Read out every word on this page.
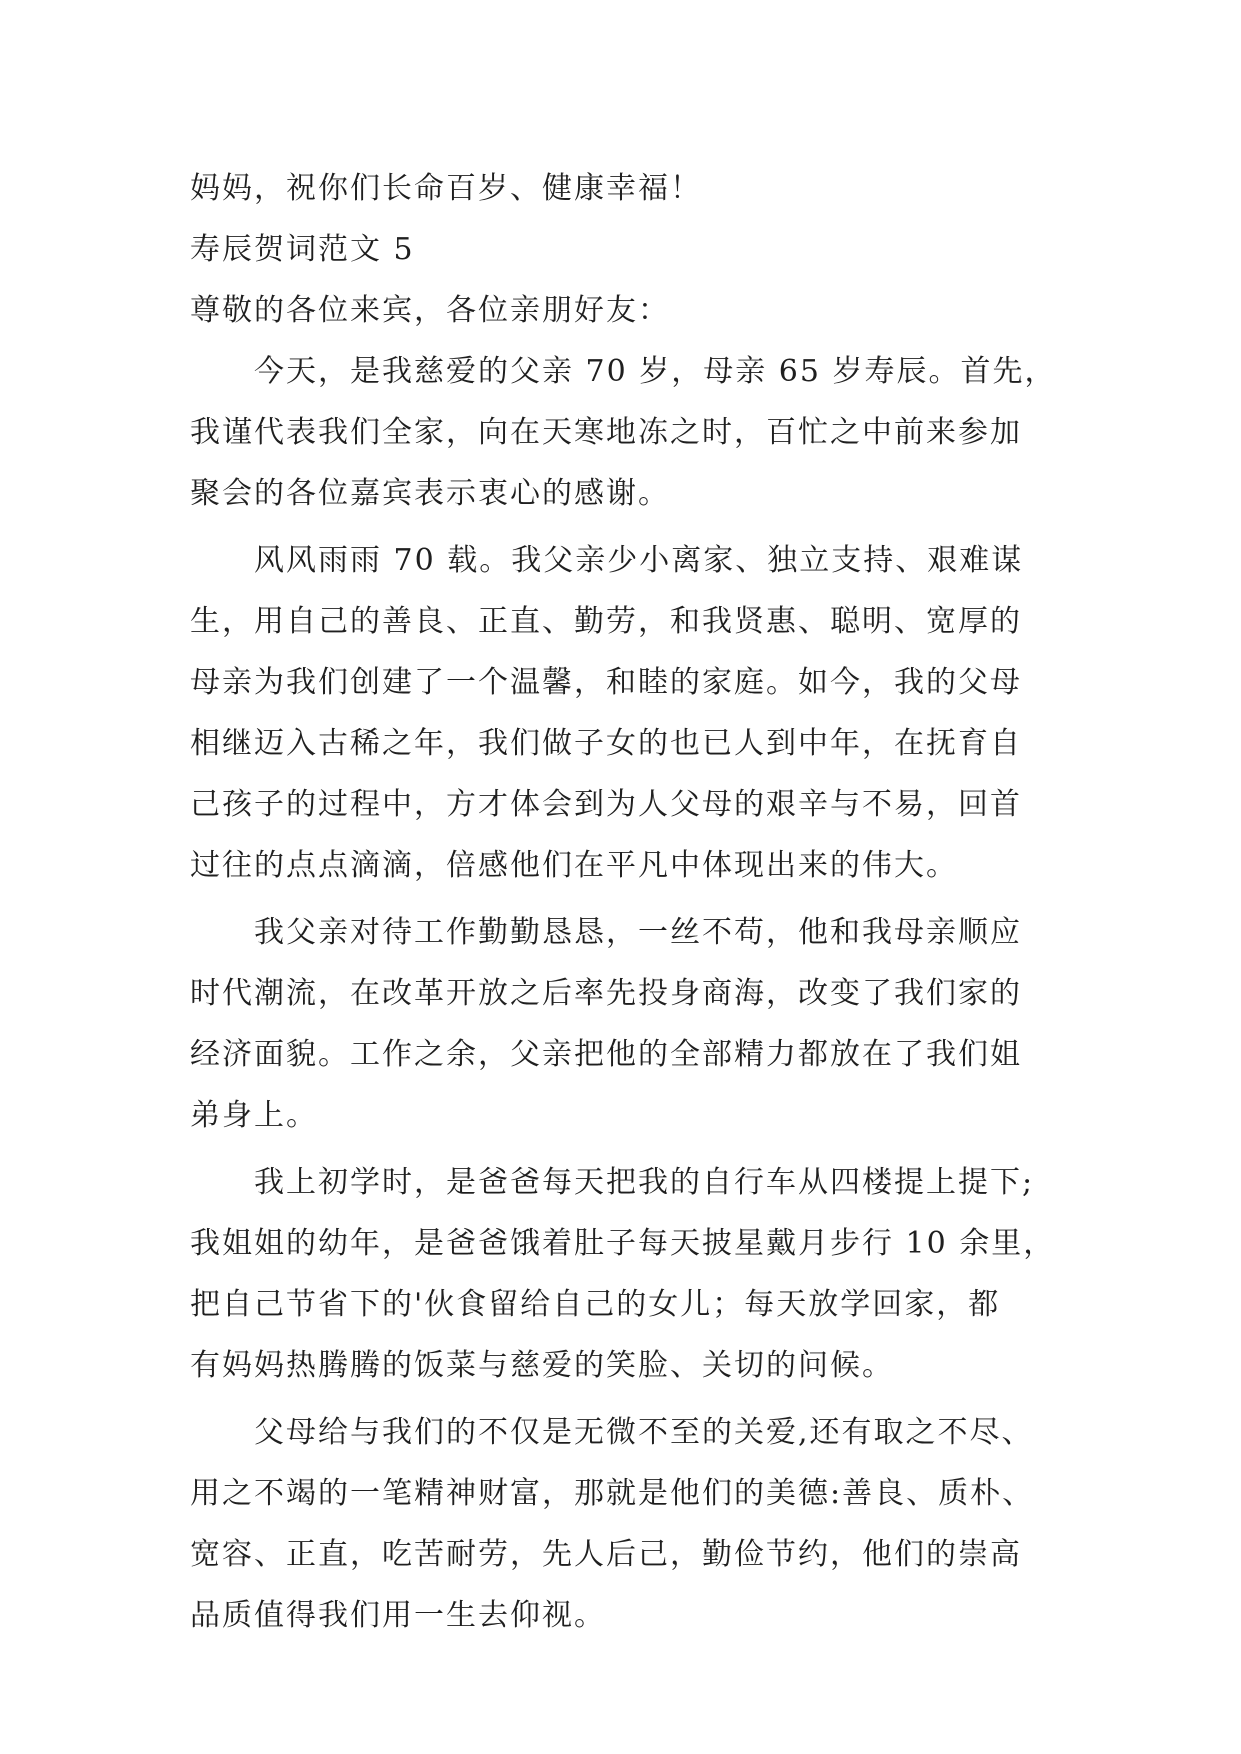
妈妈，祝你们长命百岁、健康幸福！
寿辰贺词范文 5
尊敬的各位来宾，各位亲朋好友：
今天，是我慈爱的父亲 70 岁，母亲 65 岁寿辰。首先，
我谨代表我们全家，向在天寒地冻之时，百忙之中前来参加
聚会的各位嘉宾表示衷心的感谢。
风风雨雨 70 载。我父亲少小离家、独立支持、艰难谋
生，用自己的善良、正直、勤劳，和我贤惠、聪明、宽厚的
母亲为我们创建了一个温馨，和睦的家庭。如今，我的父母
相继迈入古稀之年，我们做子女的也已人到中年，在抚育自
己孩子的过程中，方才体会到为人父母的艰辛与不易，回首
过往的点点滴滴，倍感他们在平凡中体现出来的伟大。
我父亲对待工作勤勤恳恳，一丝不苟，他和我母亲顺应
时代潮流，在改革开放之后率先投身商海，改变了我们家的
经济面貌。工作之余，父亲把他的全部精力都放在了我们姐
弟身上。
我上初学时，是爸爸每天把我的自行车从四楼提上提下;
我姐姐的幼年，是爸爸饿着肚子每天披星戴月步行 10 余里，
把自己节省下的'伙食留给自己的女儿；每天放学回家，都
有妈妈热腾腾的饭菜与慈爱的笑脸、关切的问候。
父母给与我们的不仅是无微不至的关爱,还有取之不尽、
用之不竭的一笔精神财富，那就是他们的美德:善良、质朴、
宽容、正直，吃苦耐劳，先人后己，勤俭节约，他们的崇高
品质值得我们用一生去仰视。
